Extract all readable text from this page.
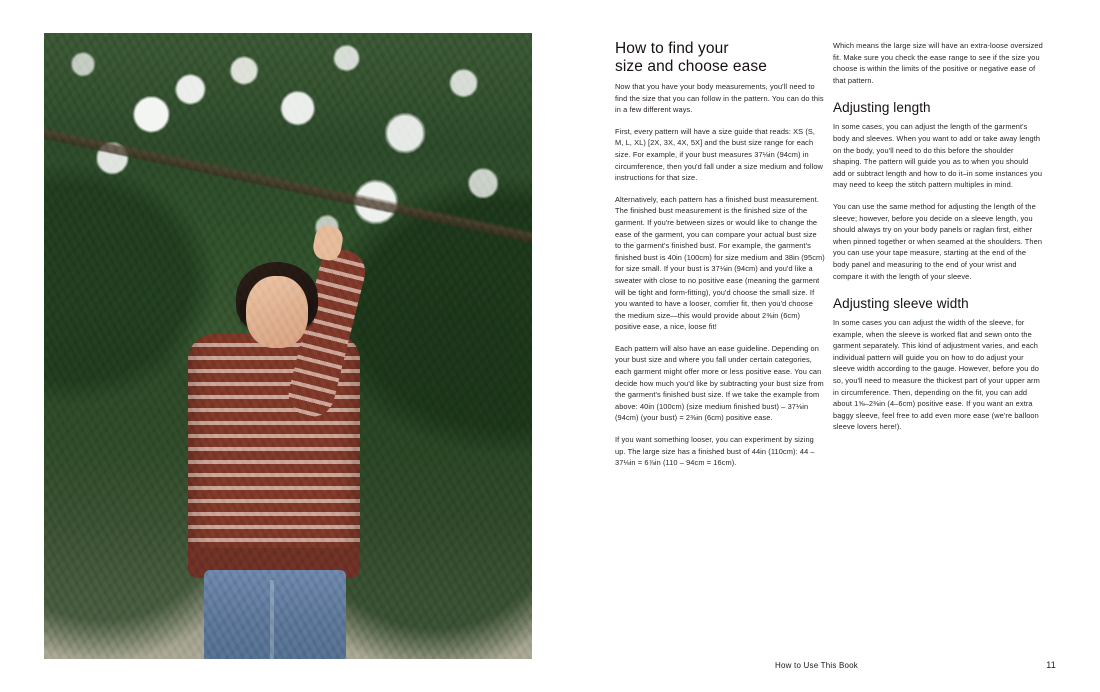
How to find your
size and choose ease

Now that you have your body measurements, you'll need to find the size that you can follow in the pattern. You can do this in a few different ways.

First, every pattern will have a size guide that reads: XS (S, M, L, XL) [2X, 3X, 4X, 5X] and the bust size range for each size. For example, if your bust measures 37⅛in (94cm) in circumference, then you'd fall under a size medium and follow instructions for that size.

Alternatively, each pattern has a finished bust measurement. The finished bust measurement is the finished size of the garment. If you're between sizes or would like to change the ease of the garment, you can compare your actual bust size to the garment's finished bust. For example, the garment's finished bust is 40in (100cm) for size medium and 38in (95cm) for size small. If your bust is 37⅛in (94cm) and you'd like a sweater with close to no positive ease (meaning the garment will be tight and form-fitting), you'd choose the small size. If you wanted to have a looser, comfier fit, then you'd choose the medium size—this would provide about 2⅜in (6cm) positive ease, a nice, loose fit!

Each pattern will also have an ease guideline. Depending on your bust size and where you fall under certain categories, each garment might offer more or less positive ease. You can decide how much you'd like by subtracting your bust size from the garment's finished bust size. If we take the example from above: 40in (100cm) (size medium finished bust) – 37⅛in (94cm) (your bust) = 2⅜in (6cm) positive ease.

If you want something looser, you can experiment by sizing up. The large size has a finished bust of 44in (110cm): 44 – 37⅛in = 6⅞in (110 – 94cm = 16cm).

Which means the large size will have an extra-loose oversized fit. Make sure you check the ease range to see if the size you choose is within the limits of the positive or negative ease of that pattern.

Adjusting length

In some cases, you can adjust the length of the garment's body and sleeves. When you want to add or take away length on the body, you'll need to do this before the shoulder shaping. The pattern will guide you as to when you should add or subtract length and how to do it–in some instances you may need to keep the stitch pattern multiples in mind.

You can use the same method for adjusting the length of the sleeve; however, before you decide on a sleeve length, you should always try on your body panels or raglan first, either when pinned together or when seamed at the shoulders. Then you can use your tape measure, starting at the end of the body panel and measuring to the end of your wrist and compare it with the length of your sleeve.

Adjusting sleeve width

In some cases you can adjust the width of the sleeve, for example, when the sleeve is worked flat and sewn onto the garment separately. This kind of adjustment varies, and each individual pattern will guide you on how to do adjust your sleeve width according to the gauge. However, before you do so, you'll need to measure the thickest part of your upper arm in circumference. Then, depending on the fit, you can add about 1⅝–2⅜in (4–6cm) positive ease. If you want an extra baggy sleeve, feel free to add even more ease (we're balloon sleeve lovers here!).

How to Use This Book	11
